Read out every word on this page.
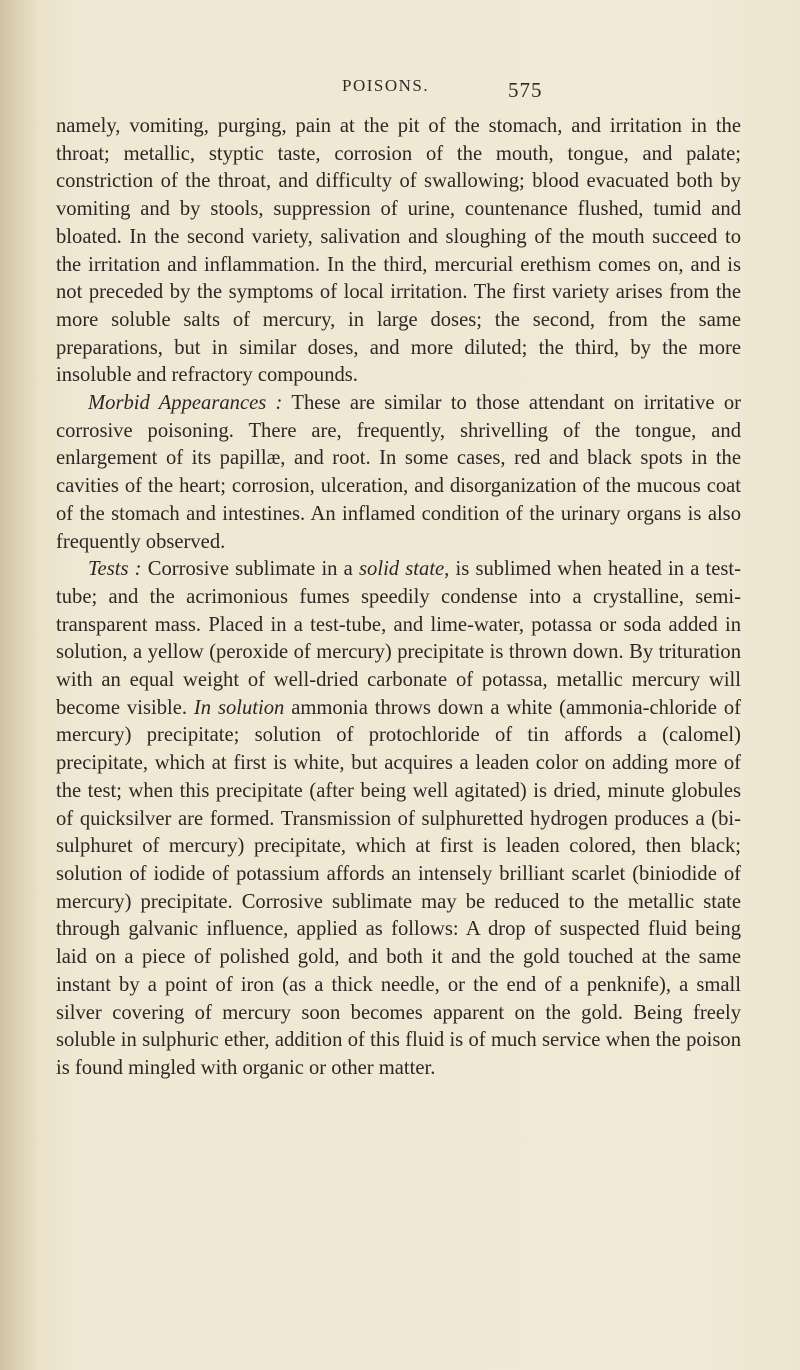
POISONS.	575

namely, vomiting, purging, pain at the pit of the stomach, and irritation in the throat; metallic, styptic taste, corrosion of the mouth, tongue, and palate; constriction of the throat, and difficulty of swallowing; blood evacuated both by vomiting and by stools, suppression of urine, countenance flushed, tumid and bloated. In the second variety, salivation and sloughing of the mouth succeed to the irritation and inflammation. In the third, mercurial erethism comes on, and is not preceded by the symptoms of local irritation. The first variety arises from the more soluble salts of mercury, in large doses; the second, from the same preparations, but in similar doses, and more diluted; the third, by the more insoluble and refractory compounds.

Morbid Appearances : These are similar to those attendant on irritative or corrosive poisoning. There are, frequently, shrivelling of the tongue, and enlargement of its papillæ, and root. In some cases, red and black spots in the cavities of the heart; corrosion, ulceration, and disorganization of the mucous coat of the stomach and intestines. An inflamed condition of the urinary organs is also frequently observed.

Tests : Corrosive sublimate in a solid state, is sublimed when heated in a test-tube; and the acrimonious fumes speedily condense into a crystalline, semi-transparent mass. Placed in a test-tube, and lime-water, potassa or soda added in solution, a yellow (peroxide of mercury) precipitate is thrown down. By trituration with an equal weight of well-dried carbonate of potassa, metallic mercury will become visible. In solution ammonia throws down a white (ammonia-chloride of mercury) precipitate; solution of protochloride of tin affords a (calomel) precipitate, which at first is white, but acquires a leaden color on adding more of the test; when this precipitate (after being well agitated) is dried, minute globules of quicksilver are formed. Transmission of sulphuretted hydrogen produces a (bi-sulphuret of mercury) precipitate, which at first is leaden colored, then black; solution of iodide of potassium affords an intensely brilliant scarlet (biniodide of mercury) precipitate. Corrosive sublimate may be reduced to the metallic state through galvanic influence, applied as follows: A drop of suspected fluid being laid on a piece of polished gold, and both it and the gold touched at the same instant by a point of iron (as a thick needle, or the end of a penknife), a small silver covering of mercury soon becomes apparent on the gold. Being freely soluble in sulphuric ether, addition of this fluid is of much service when the poison is found mingled with organic or other matter.
